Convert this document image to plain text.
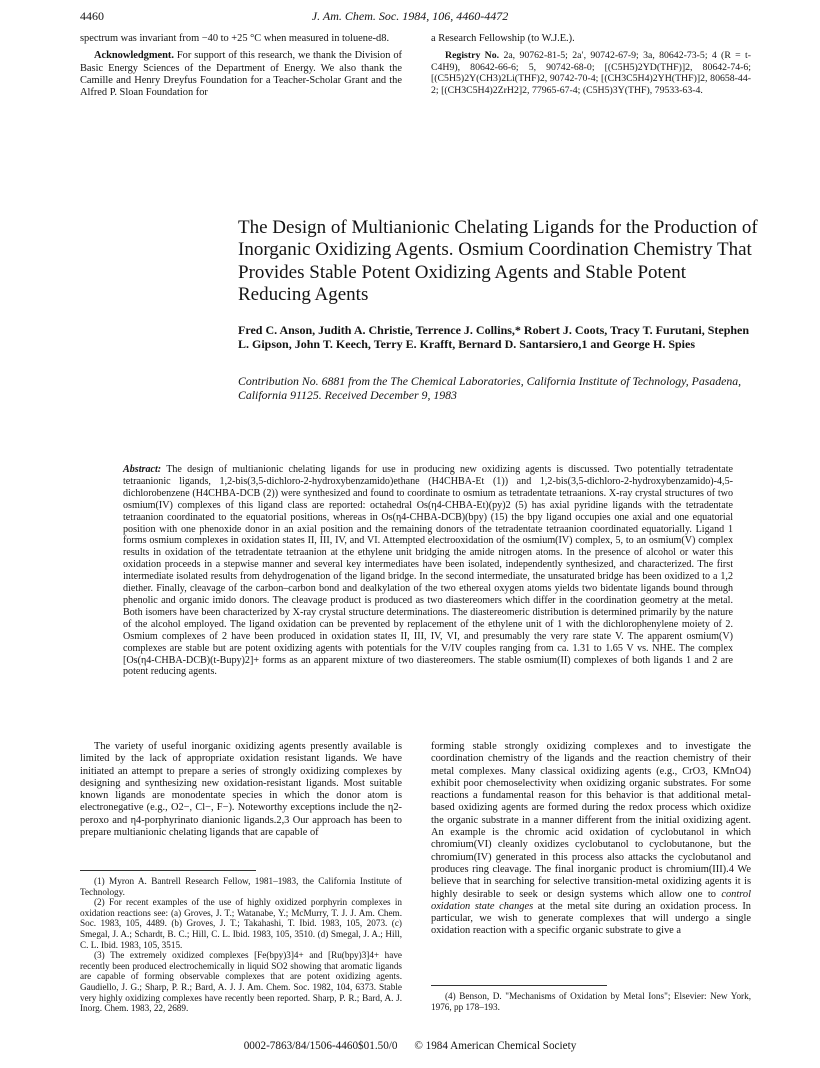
4460	J. Am. Chem. Soc. 1984, 106, 4460-4472

spectrum was invariant from −40 to +25 °C when measured in toluene-d8.

Acknowledgment. For support of this research, we thank the Division of Basic Energy Sciences of the Department of Energy. We also thank the Camille and Henry Dreyfus Foundation for a Teacher-Scholar Grant and the Alfred P. Sloan Foundation for

a Research Fellowship (to W.J.E.).

Registry No. 2a, 90762-81-5; 2a′, 90742-67-9; 3a, 80642-73-5; 4 (R = t-C4H9), 80642-66-6; 5, 90742-68-0; [(C5H5)2YD(THF)]2, 80642-74-6; [(C5H5)2Y(CH3)2Li(THF)2, 90742-70-4; [(CH3C5H4)2YH(THF)]2, 80658-44-2; [(CH3C5H4)2ZrH2]2, 77965-67-4; (C5H5)3Y(THF), 79533-63-4.

The Design of Multianionic Chelating Ligands for the Production of Inorganic Oxidizing Agents. Osmium Coordination Chemistry That Provides Stable Potent Oxidizing Agents and Stable Potent Reducing Agents
Fred C. Anson, Judith A. Christie, Terrence J. Collins,* Robert J. Coots, Tracy T. Furutani, Stephen L. Gipson, John T. Keech, Terry E. Krafft, Bernard D. Santarsiero,1 and George H. Spies
Contribution No. 6881 from the The Chemical Laboratories, California Institute of Technology, Pasadena, California 91125. Received December 9, 1983
Abstract: The design of multianionic chelating ligands for use in producing new oxidizing agents is discussed. Two potentially tetradentate tetraanionic ligands, 1,2-bis(3,5-dichloro-2-hydroxybenzamido)ethane (H4CHBA-Et (1)) and 1,2-bis(3,5-dichloro-2-hydroxybenzamido)-4,5-dichlorobenzene (H4CHBA-DCB (2)) were synthesized and found to coordinate to osmium as tetradentate tetraanions. X-ray crystal structures of two osmium(IV) complexes of this ligand class are reported: octahedral Os(η4-CHBA-Et)(py)2 (5) has axial pyridine ligands with the tetradentate tetraanion coordinated to the equatorial positions, whereas in Os(η4-CHBA-DCB)(bpy) (15) the bpy ligand occupies one axial and one equatorial position with one phenoxide donor in an axial position and the remaining donors of the tetradentate tetraanion coordinated equatorially. Ligand 1 forms osmium complexes in oxidation states II, III, IV, and VI. Attempted electrooxidation of the osmium(IV) complex, 5, to an osmium(V) complex results in oxidation of the tetradentate tetraanion at the ethylene unit bridging the amide nitrogen atoms. In the presence of alcohol or water this oxidation proceeds in a stepwise manner and several key intermediates have been isolated, independently synthesized, and characterized. The first intermediate isolated results from dehydrogenation of the ligand bridge. In the second intermediate, the unsaturated bridge has been oxidized to a 1,2 diether. Finally, cleavage of the carbon–carbon bond and dealkylation of the two ethereal oxygen atoms yields two bidentate ligands bound through phenolic and organic imido donors. The cleavage product is produced as two diastereomers which differ in the coordination geometry at the metal. Both isomers have been characterized by X-ray crystal structure determinations. The diastereomeric distribution is determined primarily by the nature of the alcohol employed. The ligand oxidation can be prevented by replacement of the ethylene unit of 1 with the dichlorophenylene moiety of 2. Osmium complexes of 2 have been produced in oxidation states II, III, IV, VI, and presumably the very rare state V. The apparent osmium(V) complexes are stable but are potent oxidizing agents with potentials for the V/IV couples ranging from ca. 1.31 to 1.65 V vs. NHE. The complex [Os(η4-CHBA-DCB)(t-Bupy)2]+ forms as an apparent mixture of two diastereomers. The stable osmium(II) complexes of both ligands 1 and 2 are potent reducing agents.

The variety of useful inorganic oxidizing agents presently available is limited by the lack of appropriate oxidation resistant ligands. We have initiated an attempt to prepare a series of strongly oxidizing complexes by designing and synthesizing new oxidation-resistant ligands. Most suitable known ligands are monodentate species in which the donor atom is electronegative (e.g., O2−, Cl−, F−). Noteworthy exceptions include the η2-peroxo and η4-porphyrinato dianionic ligands.2,3 Our approach has been to prepare multianionic chelating ligands that are capable of

(1) Myron A. Bantrell Research Fellow, 1981–1983, the California Institute of Technology.

(2) For recent examples of the use of highly oxidized porphyrin complexes in oxidation reactions see: (a) Groves, J. T.; Watanabe, Y.; McMurry, T. J. J. Am. Chem. Soc. 1983, 105, 4489. (b) Groves, J. T.; Takahashi, T. Ibid. 1983, 105, 2073. (c) Smegal, J. A.; Schardt, B. C.; Hill, C. L. Ibid. 1983, 105, 3510. (d) Smegal, J. A.; Hill, C. L. Ibid. 1983, 105, 3515.

(3) The extremely oxidized complexes [Fe(bpy)3]4+ and [Ru(bpy)3]4+ have recently been produced electrochemically in liquid SO2 showing that aromatic ligands are capable of forming observable complexes that are potent oxidizing agents. Gaudiello, J. G.; Sharp, P. R.; Bard, A. J. J. Am. Chem. Soc. 1982, 104, 6373. Stable very highly oxidizing complexes have recently been reported. Sharp, P. R.; Bard, A. J. Inorg. Chem. 1983, 22, 2689.

forming stable strongly oxidizing complexes and to investigate the coordination chemistry of the ligands and the reaction chemistry of their metal complexes. Many classical oxidizing agents (e.g., CrO3, KMnO4) exhibit poor chemoselectivity when oxidizing organic substrates. For some reactions a fundamental reason for this behavior is that additional metal-based oxidizing agents are formed during the redox process which oxidize the organic substrate in a manner different from the initial oxidizing agent. An example is the chromic acid oxidation of cyclobutanol in which chromium(VI) cleanly oxidizes cyclobutanol to cyclobutanone, but the chromium(IV) generated in this process also attacks the cyclobutanol and produces ring cleavage. The final inorganic product is chromium(III).4 We believe that in searching for selective transition-metal oxidizing agents it is highly desirable to seek or design systems which allow one to control oxidation state changes at the metal site during an oxidation process. In particular, we wish to generate complexes that will undergo a single oxidation reaction with a specific organic substrate to give a

(4) Benson, D. "Mechanisms of Oxidation by Metal Ions"; Elsevier: New York, 1976, pp 178–193.

0002-7863/84/1506-4460$01.50/0 © 1984 American Chemical Society
